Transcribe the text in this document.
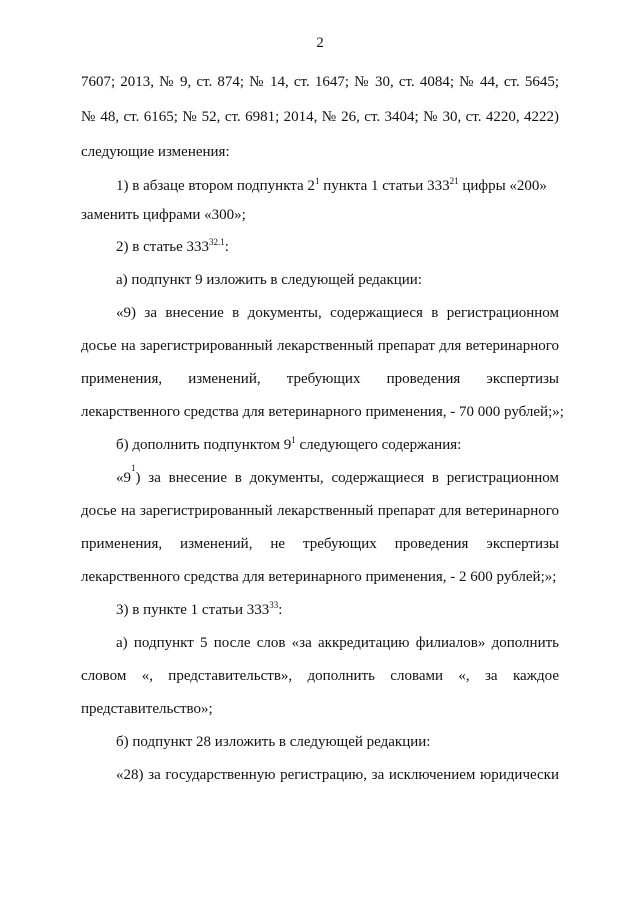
2
7607; 2013, № 9, ст. 874; № 14, ст. 1647; № 30, ст. 4084; № 44, ст. 5645;
№ 48, ст. 6165; № 52, ст. 6981; 2014, № 26, ст. 3404; № 30, ст. 4220, 4222)
следующие изменения:
1) в абзаце втором подпункта $2^1$ пункта 1 статьи $333^{21}$ цифры «200»
заменить цифрами «300»;
2) в статье $333^{32.1}$:
а) подпункт 9 изложить в следующей редакции:
«9) за внесение в документы, содержащиеся в регистрационном
досье на зарегистрированный лекарственный препарат для ветеринарного
применения, изменений, требующих проведения экспертизы
лекарственного средства для ветеринарного применения, - 70 000 рублей;»;
б) дополнить подпунктом $9^1$ следующего содержания:
«9
1
) за внесение в документы, содержащиеся в регистрационном
досье на зарегистрированный лекарственный препарат для ветеринарного
применения, изменений, не требующих проведения экспертизы
лекарственного средства для ветеринарного применения, - 2 600 рублей;»;
3) в пункте 1 статьи $333^{33}$:
а) подпункт 5 после слов «за аккредитацию филиалов» дополнить
словом «, представительств», дополнить словами «, за каждое
представительство»;
б) подпункт 28 изложить в следующей редакции:
«28) за государственную регистрацию, за исключением юридически
